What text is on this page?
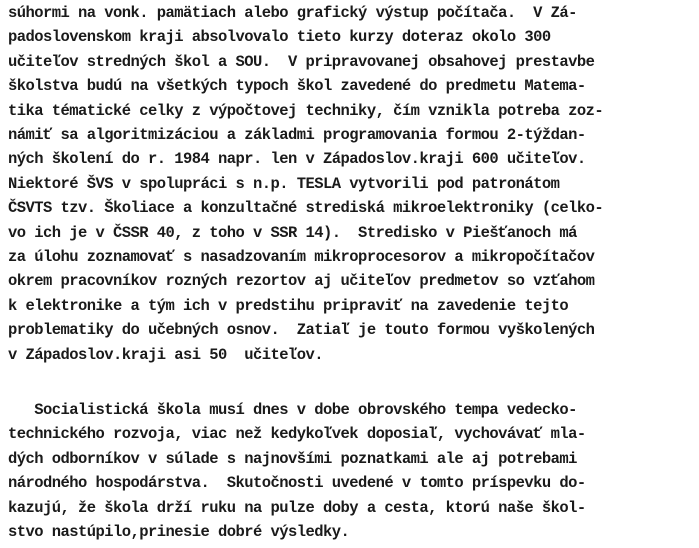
súhormi na vonk. pamätiach alebo grafický výstup počítača.  V Zá-
padoslovenskom kraji absolvovalo tieto kurzy doteraz okolo 300
učiteľov stredných škol a SOU.  V pripravovanej obsahovej prestavbe
školstva budú na všetkých typoch škol zavedené do predmetu Matema-
tika tématické celky z výpočtovej techniky, čím vznikla potreba zoz-
námiť sa algoritmizáciou a základmi programovania formou 2-týždan-
ných školení do r. 1984 napr. len v Západoslov.kraji 600 učiteľov.
Niektoré ŠVS v spolupráci s n.p. TESLA vytvorili pod patronátom
ČSVTS tzv. Školiace a konzultačné strediská mikroelektroniky (celko-
vo ich je v ČSSR 40, z toho v SSR 14).  Stredisko v Piešťanoch má
za úlohu zoznamovať s nasadzovaním mikroprocesorov a mikropočítačov
okrem pracovníkov rozných rezortov aj učiteľov predmetov so vzťahom
k elektronike a tým ich v predstihu pripraviť na zavedenie tejto
problematiky do učebných osnov.  Zatiaľ je touto formou vyškolených
v Západoslov.kraji asi 50  učiteľov.
Socialistická škola musí dnes v dobe obrovského tempa vedecko-
technického rozvoja, viac než kedykoľvek doposiaľ, vychovávať mla-
dých odborníkov v súlade s najnovšími poznatkami ale aj potrebami
národného hospodárstva.  Skutočnosti uvedené v tomto príspevku do-
kazujú, že škola drží ruku na pulze doby a cesta, ktorú naše škol-
stvo nastúpilo,prinesie dobré výsledky.
